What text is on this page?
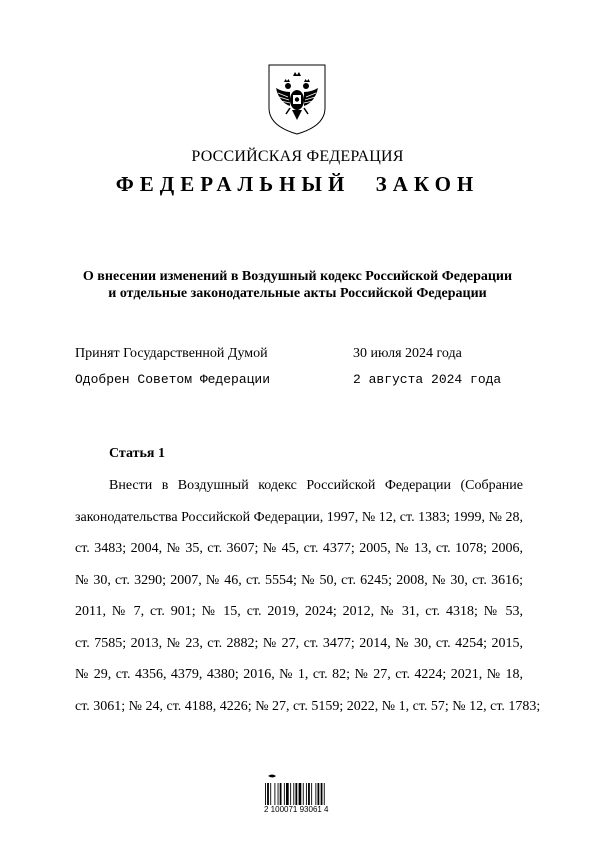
РОССИЙСКАЯ ФЕДЕРАЦИЯ
ФЕДЕРАЛЬНЫЙ ЗАКОН
О внесении изменений в Воздушный кодекс Российской Федерации
и отдельные законодательные акты Российской Федерации
Принят Государственной Думой	30 июля 2024 года
Одобрен Советом Федерации	2 августа 2024 года
Статья 1
Внести в Воздушный кодекс Российской Федерации (Собрание
законодательства Российской Федерации, 1997, № 12, ст. 1383; 1999, № 28,
ст. 3483; 2004, № 35, ст. 3607; № 45, ст. 4377; 2005, № 13, ст. 1078; 2006,
№ 30, ст. 3290; 2007, № 46, ст. 5554; № 50, ст. 6245; 2008, № 30, ст. 3616;
2011, № 7, ст. 901; № 15, ст. 2019, 2024; 2012, № 31, ст. 4318; № 53,
ст. 7585; 2013, № 23, ст. 2882; № 27, ст. 3477; 2014, № 30, ст. 4254; 2015,
№ 29, ст. 4356, 4379, 4380; 2016, № 1, ст. 82; № 27, ст. 4224; 2021, № 18,
ст. 3061; № 24, ст. 4188, 4226; № 27, ст. 5159; 2022, № 1, ст. 57; № 12, ст. 1783;
2 100071 93061 4
